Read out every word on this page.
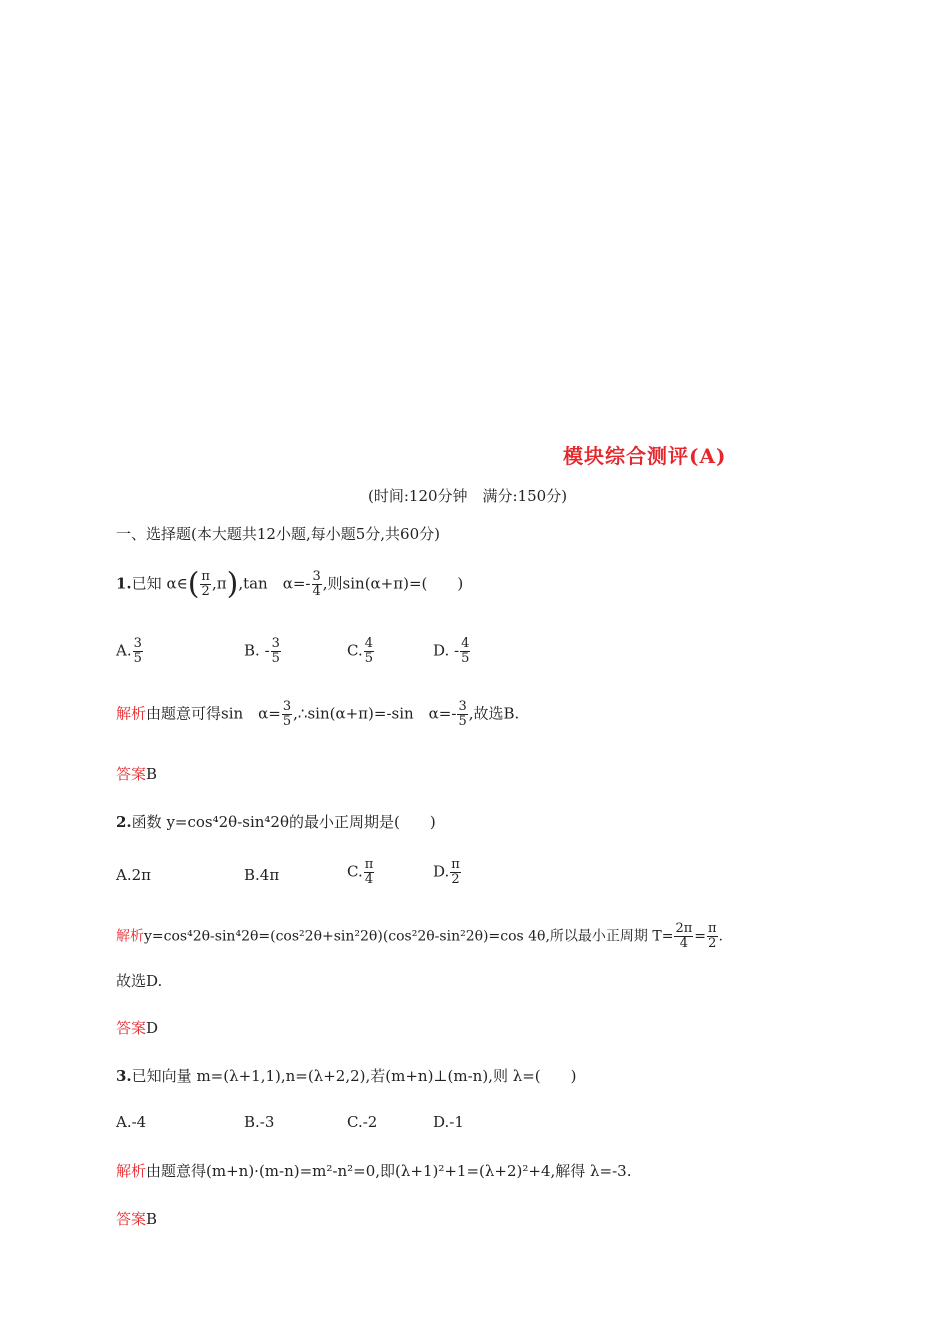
模块综合测评(A)
(时间:120分钟　满分:150分)
一、选择题(本大题共12小题,每小题5分,共60分)
1.已知 α∈( $\frac{\pi}{2} ,\pi),\tan$　$\alpha=- \frac{3}{4}$ ,则sin(α+π)=(　　)
A. $\frac{3}{5}$	B. - $\frac{3}{5}$	C. $\frac{4}{5}$	D. - $\frac{4}{5}$
解析由题意可得sin　$\alpha= \frac{3}{5}$ ,∴sin(α+π)=-sin　$\alpha=- \frac{3}{5}$ ,故选B.
答案B
2.函数 y=cos⁴2θ-sin⁴2θ的最小正周期是(　　)
A.2π	B.4π	C. $\frac{\pi}{4}$	D. $\frac{\pi}{2}$
解析y=cos⁴2θ-sin⁴2θ=(cos²2θ+sin²2θ)(cos²2θ-sin²2θ)=cos 4θ,所以最小正周期 $T= \frac{2\pi}{4} = \frac{\pi}{2}$ .
故选D.
答案D
3.已知向量 m=(λ+1,1),n=(λ+2,2),若(m+n)⊥(m-n),则 λ=(　　)
A.-4	B.-3	C.-2	D.-1
解析由题意得(m+n)·(m-n)=m²-n²=0,即(λ+1)²+1=(λ+2)²+4,解得 λ=-3.
答案B
